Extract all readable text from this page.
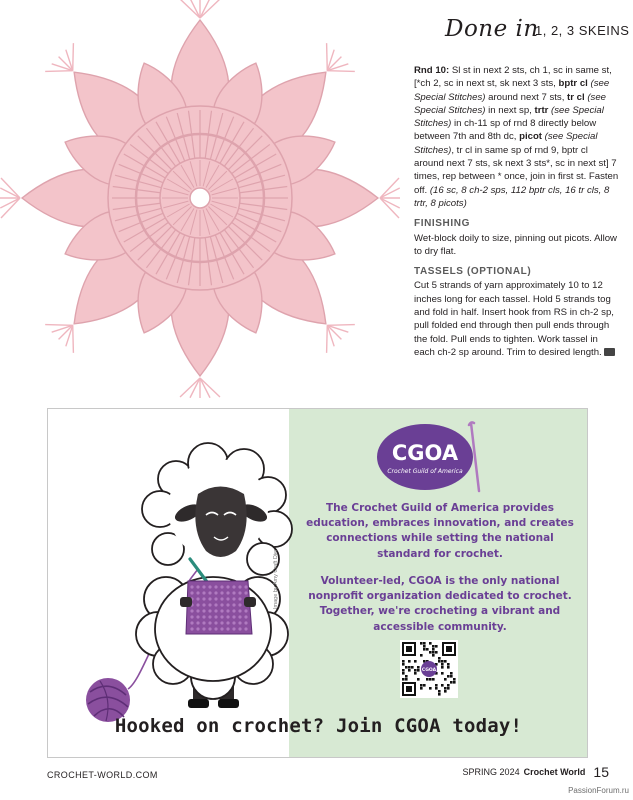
Done in
1, 2, 3 SKEINS

Rnd 10: Sl st in next 2 sts, ch 1, sc in same st, [*ch 2, sc in next st, sk next 3 sts, bptr cl (see Special Stitches) around next 7 sts, tr cl (see Special Stitches) in next sp, trtr (see Special Stitches) in ch-11 sp of rnd 8 directly below between 7th and 8th dc, picot (see Special Stitches), tr cl in same sp of rnd 9, bptr cl around next 7 sts, sk next 3 sts*, sc in next st] 7 times, rep between * once, join in first st. Fasten off. (16 sc, 8 ch-2 sps, 112 bptr cls, 16 tr cls, 8 trtr, 8 picots)

FINISHING

Wet-block doily to size, pinning out picots. Allow to dry flat.

TASSELS (OPTIONAL)

Cut 5 strands of yarn approximately 10 to 12 inches long for each tassel. Hold 5 strands tog and fold in half. Insert hook from RS in ch-2 sp, pull folded end through then pull ends through the fold. Pull ends to tighten. Work tassel in each ch-2 sp around. Trim to desired length.

Image by Amy Craft Dier
CGOA
Crochet Guild of America
The Crochet Guild of America provides education, embraces innovation, and creates connections while setting the national standard for crochet.
Volunteer-led, CGOA is the only national nonprofit organization dedicated to crochet. Together, we're crocheting a vibrant and accessible community.
CGOA
Hooked on crochet? Join CGOA today!
CROCHET-WORLD.COM	SPRING 2024 Crochet World 15
PassionForum.ru
